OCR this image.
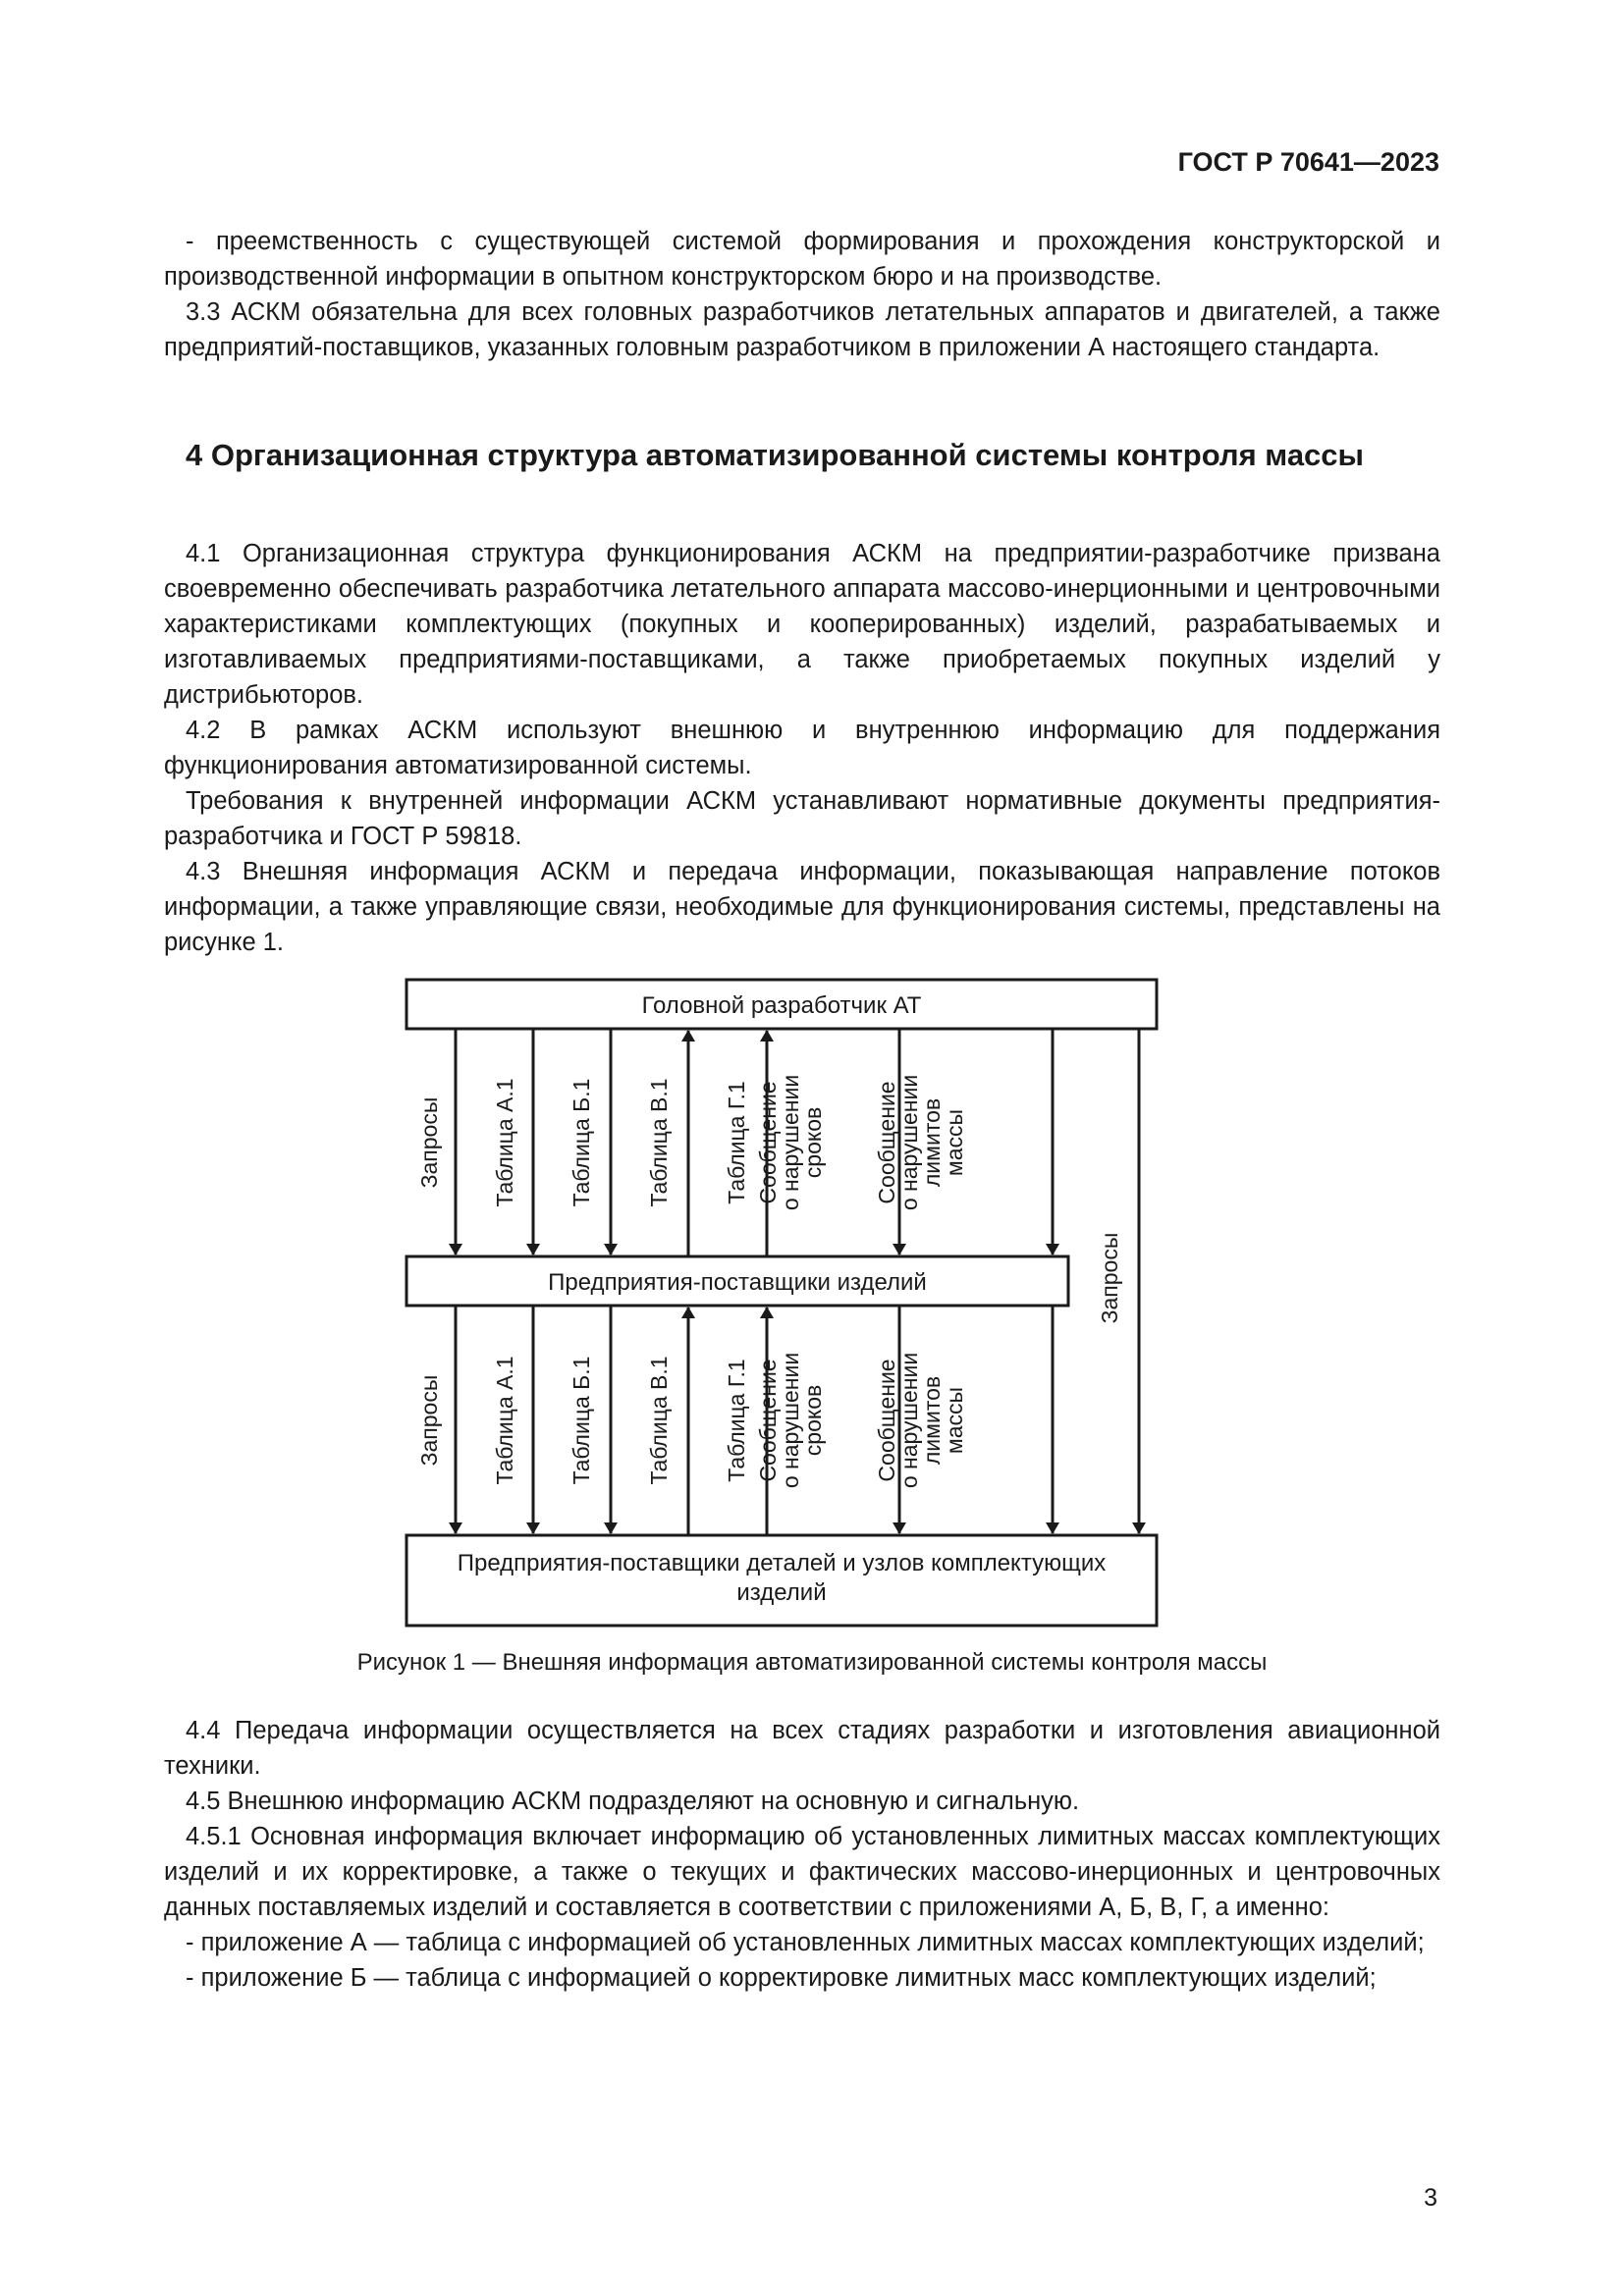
ГОСТ Р 70641—2023

- преемственность с существующей системой формирования и прохождения конструкторской и производственной информации в опытном конструкторском бюро и на производстве.

3.3 АСКМ обязательна для всех головных разработчиков летательных аппаратов и двигателей, а также предприятий-поставщиков, указанных головным разработчиком в приложении А настоящего стандарта.

4 Организационная структура автоматизированной системы контроля массы

4.1 Организационная структура функционирования АСКМ на предприятии-разработчике призвана своевременно обеспечивать разработчика летательного аппарата массово-инерционными и центровочными характеристиками комплектующих (покупных и кооперированных) изделий, разрабатываемых и изготавливаемых предприятиями-поставщиками, а также приобретаемых покупных изделий у дистрибьюторов.

4.2 В рамках АСКМ используют внешнюю и внутреннюю информацию для поддержания функционирования автоматизированной системы.

Требования к внутренней информации АСКМ устанавливают нормативные документы предприятия-разработчика и ГОСТ Р 59818.

4.3 Внешняя информация АСКМ и передача информации, показывающая направление потоков информации, а также управляющие связи, необходимые для функционирования системы, представлены на рисунке 1.

Головной разработчик АТ
Предприятия-поставщики изделий
Предприятия-поставщики деталей и узлов комплектующих
изделий
Запросы Таблица А.1 Таблица Б.1 Таблица В.1 Таблица Г.1 Сообщение
о нарушении
сроков Сообщение
о нарушении
лимитов
массы
Запросы Таблица А.1 Таблица Б.1 Таблица В.1 Таблица Г.1 Сообщение
о нарушении
сроков Сообщение
о нарушении
лимитов
массы
Запросы
Рисунок 1 — Внешняя информация автоматизированной системы контроля массы

4.4 Передача информации осуществляется на всех стадиях разработки и изготовления авиационной техники.

4.5 Внешнюю информацию АСКМ подразделяют на основную и сигнальную.

4.5.1 Основная информация включает информацию об установленных лимитных массах комплектующих изделий и их корректировке, а также о текущих и фактических массово-инерционных и центровочных данных поставляемых изделий и составляется в соответствии с приложениями А, Б, В, Г, а именно:

- приложение А — таблица с информацией об установленных лимитных массах комплектующих изделий;

- приложение Б — таблица с информацией о корректировке лимитных масс комплектующих изделий;

3
